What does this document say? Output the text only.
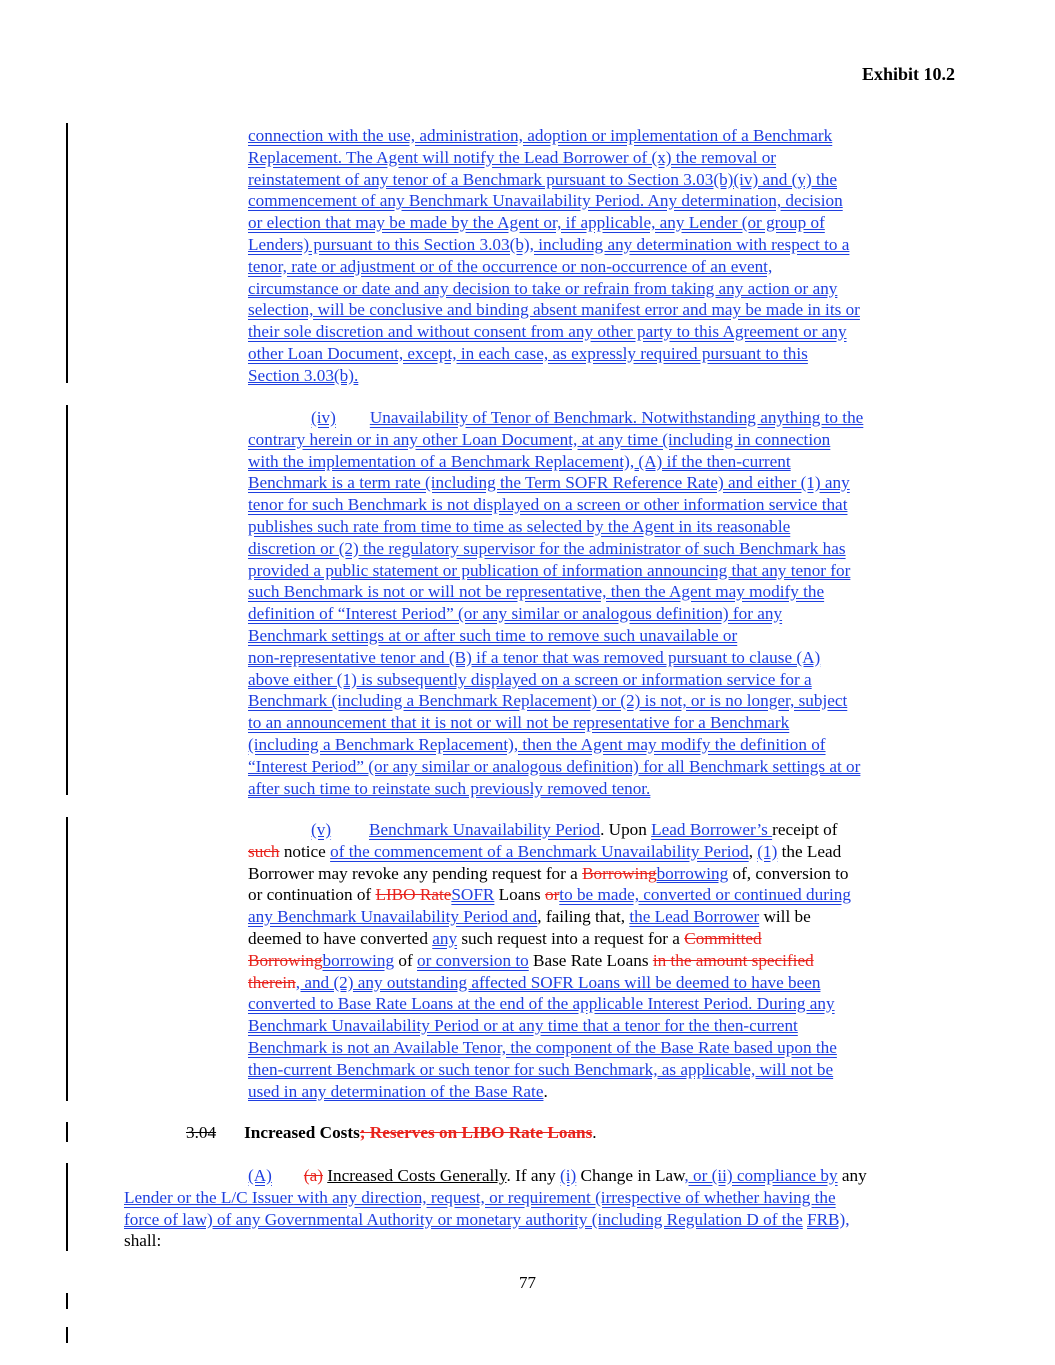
Exhibit 10.2
connection with the use, administration, adoption or implementation of a Benchmark
Replacement. The Agent will notify the Lead Borrower of (x) the removal or
reinstatement of any tenor of a Benchmark pursuant to Section 3.03(b)(iv) and (y) the
commencement of any Benchmark Unavailability Period. Any determination, decision
or election that may be made by the Agent or, if applicable, any Lender (or group of
Lenders) pursuant to this Section 3.03(b), including any determination with respect to a
tenor, rate or adjustment or of the occurrence or non-occurrence of an event,
circumstance or date and any decision to take or refrain from taking any action or any
selection, will be conclusive and binding absent manifest error and may be made in its or
their sole discretion and without consent from any other party to this Agreement or any
other Loan Document, except, in each case, as expressly required pursuant to this
Section 3.03(b).
(iv) Unavailability of Tenor of Benchmark. Notwithstanding anything to the
contrary herein or in any other Loan Document, at any time (including in connection
with the implementation of a Benchmark Replacement), (A) if the then-current
Benchmark is a term rate (including the Term SOFR Reference Rate) and either (1) any
tenor for such Benchmark is not displayed on a screen or other information service that
publishes such rate from time to time as selected by the Agent in its reasonable
discretion or (2) the regulatory supervisor for the administrator of such Benchmark has
provided a public statement or publication of information announcing that any tenor for
such Benchmark is not or will not be representative, then the Agent may modify the
definition of “Interest Period” (or any similar or analogous definition) for any
Benchmark settings at or after such time to remove such unavailable or
non-representative tenor and (B) if a tenor that was removed pursuant to clause (A)
above either (1) is subsequently displayed on a screen or information service for a
Benchmark (including a Benchmark Replacement) or (2) is not, or is no longer, subject
to an announcement that it is not or will not be representative for a Benchmark
(including a Benchmark Replacement), then the Agent may modify the definition of
“Interest Period” (or any similar or analogous definition) for all Benchmark settings at or
after such time to reinstate such previously removed tenor.
(v) Benchmark Unavailability Period. Upon Lead Borrower’s receipt of
such notice of the commencement of a Benchmark Unavailability Period, (1) the Lead
Borrower may revoke any pending request for a Borrowingborrowing of, conversion to
or continuation of LIBO RateSOFR Loans orto be made, converted or continued during
any Benchmark Unavailability Period and, failing that, the Lead Borrower will be
deemed to have converted any such request into a request for a Committed
Borrowingborrowing of or conversion to Base Rate Loans in the amount specified
therein, and (2) any outstanding affected SOFR Loans will be deemed to have been
converted to Base Rate Loans at the end of the applicable Interest Period. During any
Benchmark Unavailability Period or at any time that a tenor for the then-current
Benchmark is not an Available Tenor, the component of the Base Rate based upon the
then-current Benchmark or such tenor for such Benchmark, as applicable, will not be
used in any determination of the Base Rate.
3.04 Increased Costs; Reserves on LIBO Rate Loans.
(A) (a) Increased Costs Generally. If any (i) Change in Law, or (ii) compliance by any
Lender or the L/C Issuer with any direction, request, or requirement (irrespective of whether having the
force of law) of any Governmental Authority or monetary authority (including Regulation D of the FRB),
shall:
77
